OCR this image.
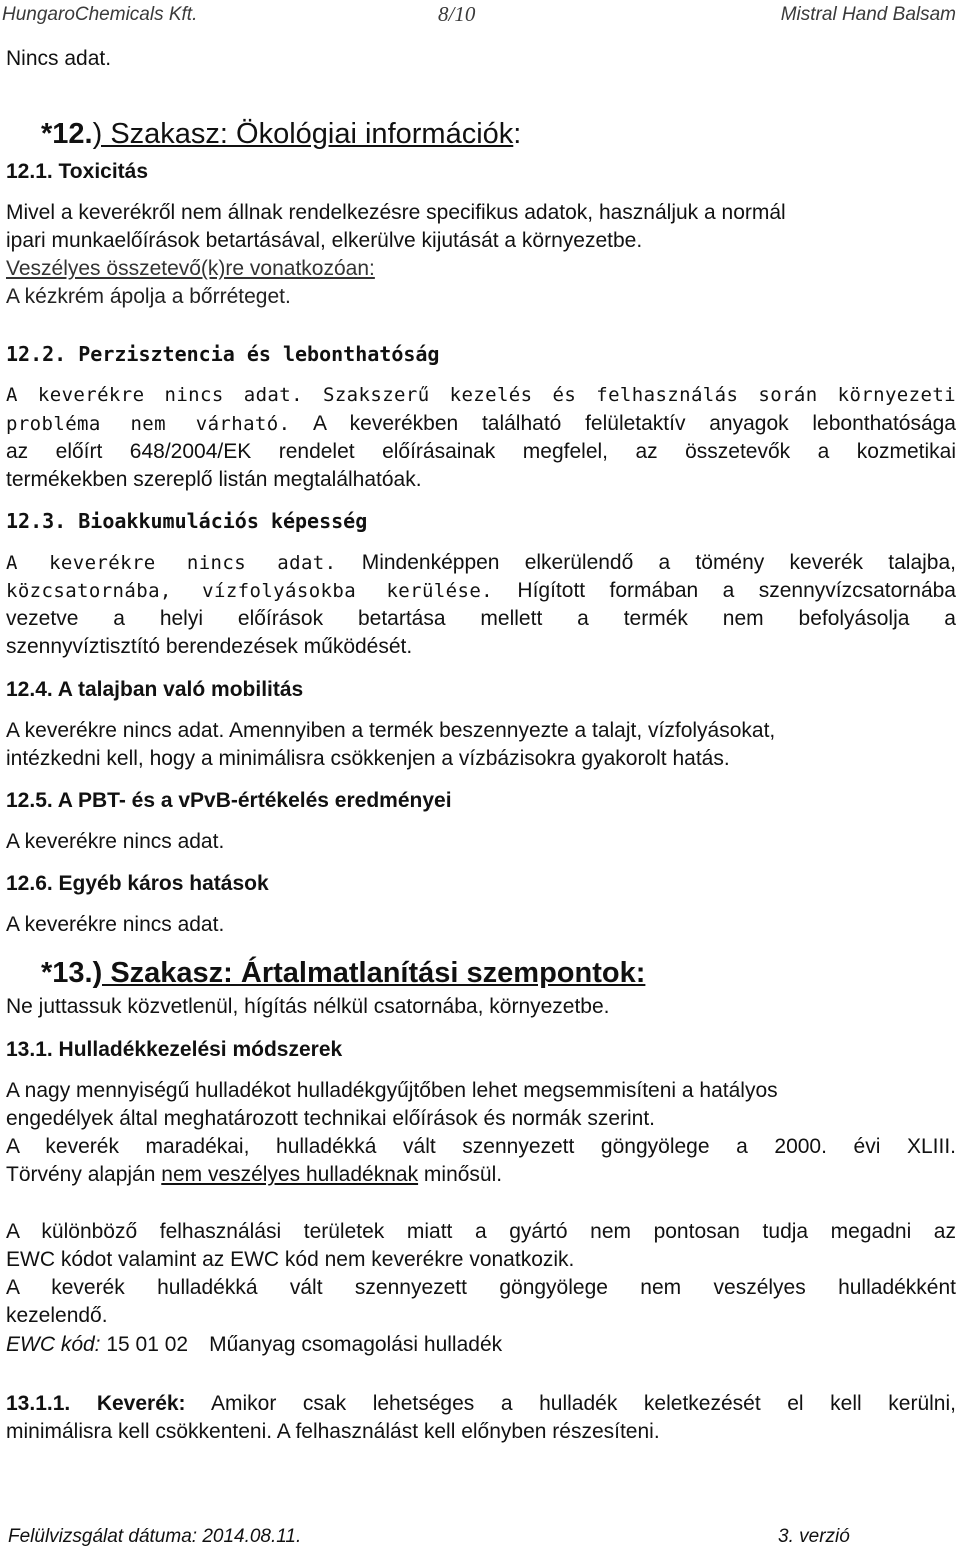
HungaroChemicals Kft.	8/10	Mistral Hand Balsam
Nincs adat.
*12.) Szakasz: Ökológiai információk:
12.1. Toxicitás
Mivel a keverékről nem állnak rendelkezésre specifikus adatok, használjuk a normál
ipari munkaelőírások betartásával, elkerülve kijutását a környezetbe.
Veszélyes összetevő(k)re vonatkozóan:
A kézkrém ápolja a bőrréteget.
12.2. Perzisztencia és lebonthatóság
A keverékre nincs adat. Szakszerű kezelés és felhasználás során környezeti
probléma nem várható. A keverékben található felületaktív anyagok lebonthatósága
az előírt 648/2004/EK rendelet előírásainak megfelel, az összetevők a kozmetikai
termékekben szereplő listán megtalálhatóak.
12.3. Bioakkumulációs képesség
A keverékre nincs adat. Mindenképpen elkerülendő a tömény keverék talajba,
közcsatornába, vízfolyásokba kerülése. Hígított formában a szennyvízcsatornába
vezetve a helyi előírások betartása mellett a termék nem befolyásolja a
szennyvíztisztító berendezések működését.
12.4. A talajban való mobilitás
A keverékre nincs adat. Amennyiben a termék beszennyezte a talajt, vízfolyásokat,
intézkedni kell, hogy a minimálisra csökkenjen a vízbázisokra gyakorolt hatás.
12.5. A PBT- és a vPvB-értékelés eredményei
A keverékre nincs adat.
12.6. Egyéb káros hatások
A keverékre nincs adat.
*13.) Szakasz: Ártalmatlanítási szempontok:
Ne juttassuk közvetlenül, hígítás nélkül csatornába, környezetbe.
13.1. Hulladékkezelési módszerek
A nagy mennyiségű hulladékot hulladékgyűjtőben lehet megsemmisíteni a hatályos
engedélyek által meghatározott technikai előírások és normák szerint.
A keverék maradékai, hulladékká vált szennyezett göngyölege a 2000. évi XLIII.
Törvény alapján nem veszélyes hulladéknak minősül.
A különböző felhasználási területek miatt a gyártó nem pontosan tudja megadni az
EWC kódot valamint az EWC kód nem keverékre vonatkozik.
A keverék hulladékká vált szennyezett göngyölege nem veszélyes hulladékként
kezelendő.
EWC kód: 15 01 02 Műanyag csomagolási hulladék
13.1.1. Keverék: Amikor csak lehetséges a hulladék keletkezését el kell kerülni,
minimálisra kell csökkenteni. A felhasználást kell előnyben részesíteni.
Felülvizsgálat dátuma: 2014.08.11.	3. verzió
